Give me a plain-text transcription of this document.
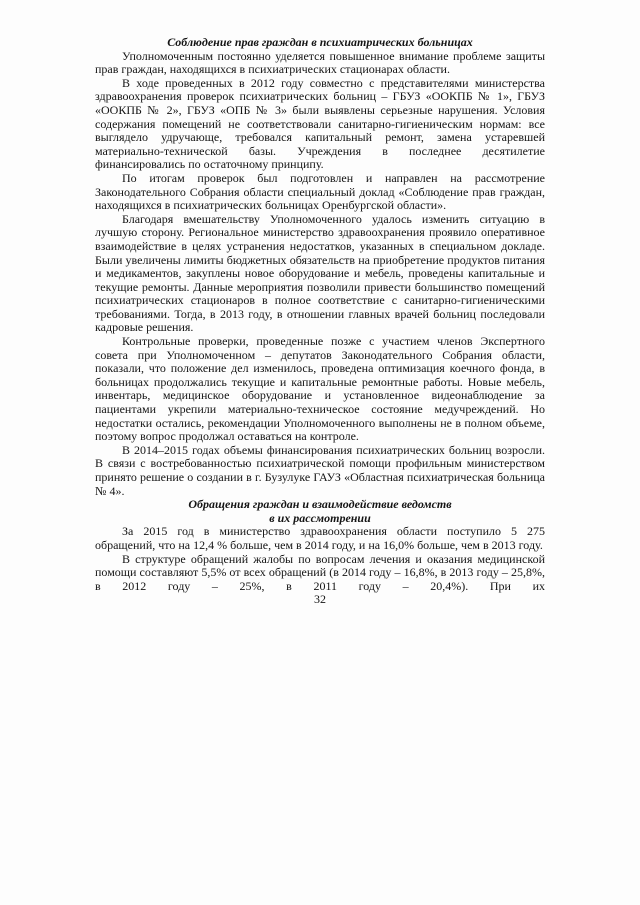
Соблюдение прав граждан в психиатрических больницах
Уполномоченным постоянно уделяется повышенное внимание проблеме защиты прав граждан, находящихся в психиатрических стационарах области.
В ходе проведенных в 2012 году совместно с представителями министерства здравоохранения проверок психиатрических больниц – ГБУЗ «ООКПБ № 1», ГБУЗ «ООКПБ № 2», ГБУЗ «ОПБ № 3» были выявлены серьезные нарушения. Условия содержания помещений не соответствовали санитарно-гигиеническим нормам: все выглядело удручающе, требовался капитальный ремонт, замена устаревшей материально-технической базы. Учреждения в последнее десятилетие финансировались по остаточному принципу.
По итогам проверок был подготовлен и направлен на рассмотрение Законодательного Собрания области специальный доклад «Соблюдение прав граждан, находящихся в психиатрических больницах Оренбургской области».
Благодаря вмешательству Уполномоченного удалось изменить ситуацию в лучшую сторону. Региональное министерство здравоохранения проявило оперативное взаимодействие в целях устранения недостатков, указанных в специальном докладе. Были увеличены лимиты бюджетных обязательств на приобретение продуктов питания и медикаментов, закуплены новое оборудование и мебель, проведены капитальные и текущие ремонты. Данные мероприятия позволили привести большинство помещений психиатрических стационаров в полное соответствие с санитарно-гигиеническими требованиями. Тогда, в 2013 году, в отношении главных врачей больниц последовали кадровые решения.
Контрольные проверки, проведенные позже с участием членов Экспертного совета при Уполномоченном – депутатов Законодательного Собрания области, показали, что положение дел изменилось, проведена оптимизация коечного фонда, в больницах продолжались текущие и капитальные ремонтные работы. Новые мебель, инвентарь, медицинское оборудование и установленное видеонаблюдение за пациентами укрепили материально-техническое состояние медучреждений. Но недостатки остались, рекомендации Уполномоченного выполнены не в полном объеме, поэтому вопрос продолжал оставаться на контроле.
В 2014–2015 годах объемы финансирования психиатрических больниц возросли. В связи с востребованностью психиатрической помощи профильным министерством принято решение о создании в г. Бузулуке ГАУЗ «Областная психиатрическая больница № 4».
Обращения граждан и взаимодействие ведомств
в их рассмотрении
За 2015 год в министерство здравоохранения области поступило 5 275 обращений, что на 12,4 % больше, чем в 2014 году, и на 16,0% больше, чем в 2013 году.
В структуре обращений жалобы по вопросам лечения и оказания медицинской помощи составляют 5,5% от всех обращений (в 2014 году – 16,8%, в 2013 году – 25,8%, в 2012 году – 25%, в 2011 году – 20,4%). При их
32
